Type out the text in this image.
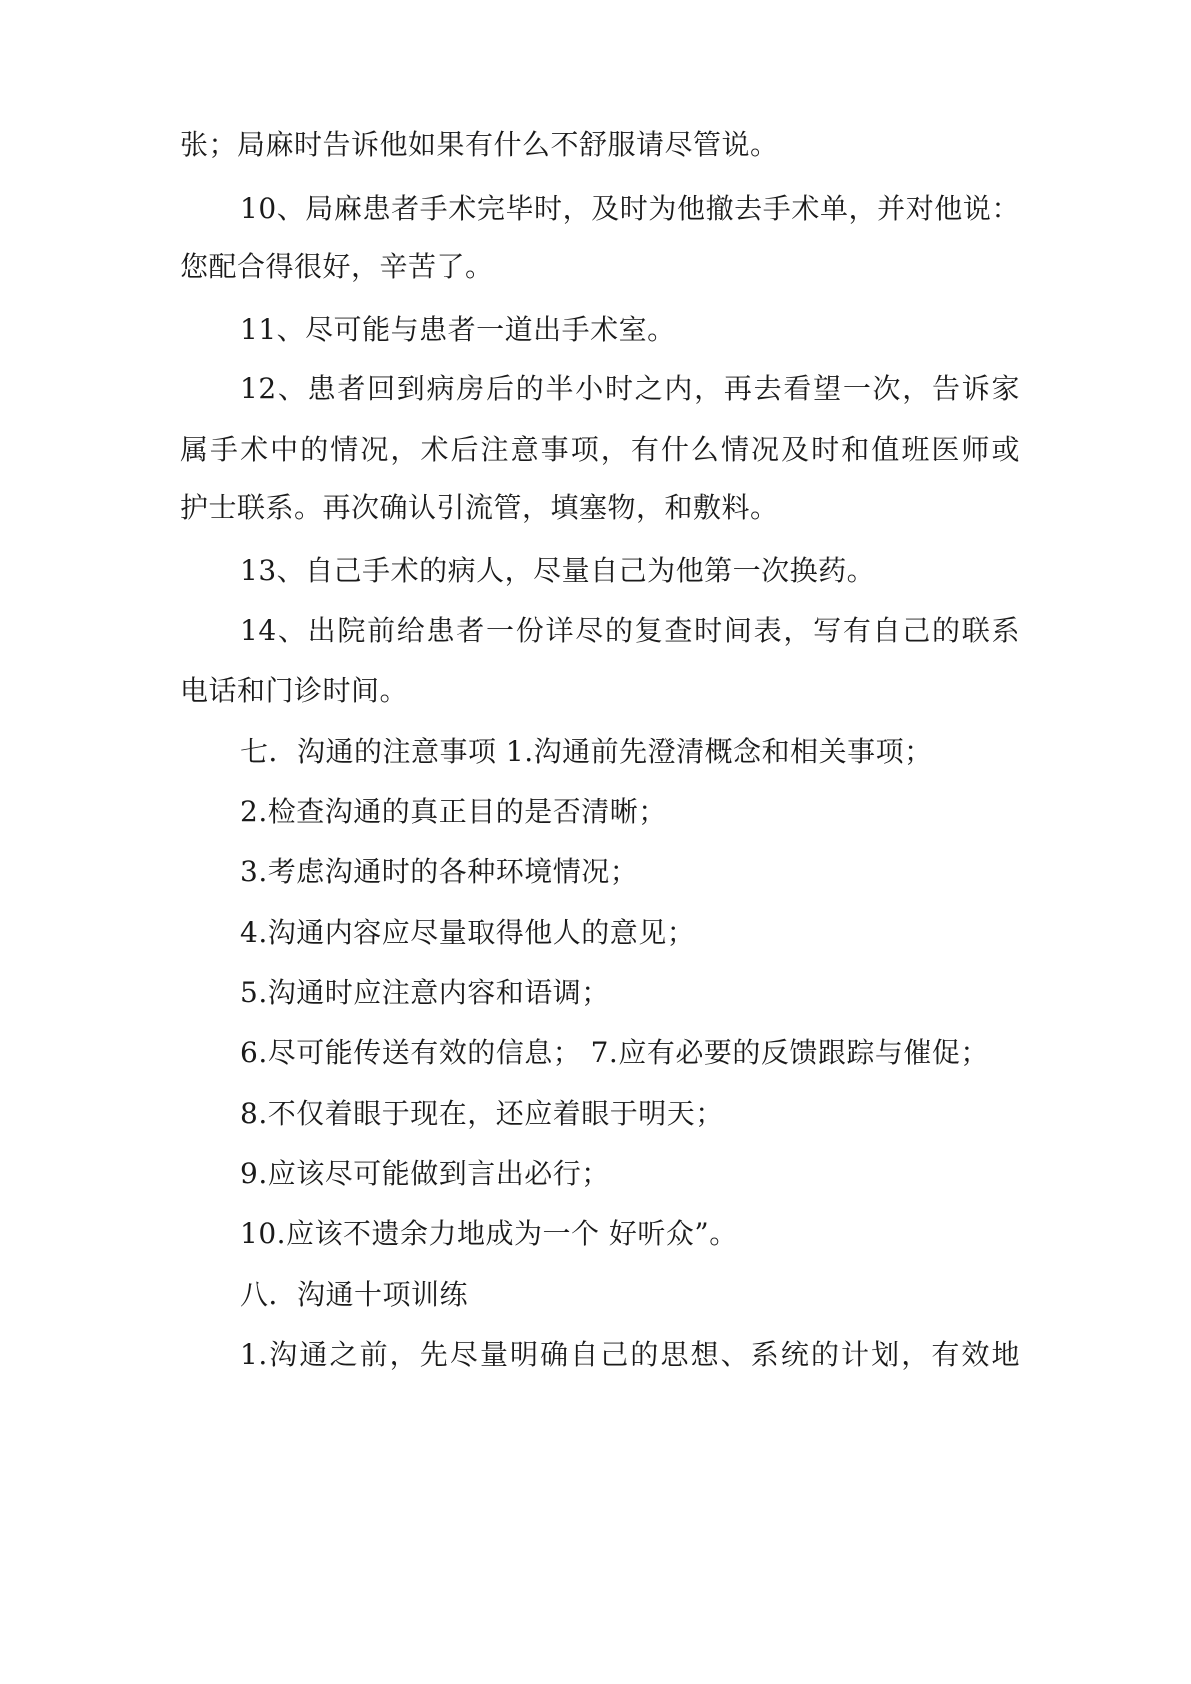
张；局麻时告诉他如果有什么不舒服请尽管说。
10、局麻患者手术完毕时，及时为他撤去手术单，并对他说：
您配合得很好，辛苦了。
11、尽可能与患者一道出手术室。
12、患者回到病房后的半小时之内，再去看望一次，告诉家
属手术中的情况，术后注意事项，有什么情况及时和值班医师或
护士联系。再次确认引流管，填塞物，和敷料。
13、自己手术的病人，尽量自己为他第一次换药。
14、出院前给患者一份详尽的复查时间表，写有自己的联系
电话和门诊时间。
七．沟通的注意事项 1.沟通前先澄清概念和相关事项；
2.检查沟通的真正目的是否清晰；
3.考虑沟通时的各种环境情况；
4.沟通内容应尽量取得他人的意见；
5.沟通时应注意内容和语调；
6.尽可能传送有效的信息； 7.应有必要的反馈跟踪与催促；
8.不仅着眼于现在，还应着眼于明天；
9.应该尽可能做到言出必行；
10.应该不遗余力地成为一个 好听众”。
八．沟通十项训练
1.沟通之前，先尽量明确自己的思想、系统的计划，有效地
